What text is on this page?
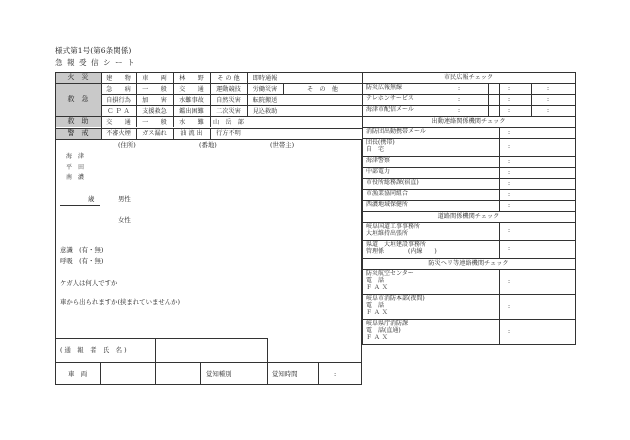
様式第1号(第6条関係)
急 報 受 信 シ ー ト
火　災	建　　物	車　　両	林　　野	そ の 他	即時通報
救　急
急　　病	一　　般	交　　通	運動競技	労働災害	そ　の　他
自損行為	加　　害	水難事故	自然災害	転院搬送
Ｃ Ｐ Ａ	支援救急	鑑出困難	二次災害	見込救助
救　助	交　　通	一　　般	水　　難	山　岳　部
警　戒	不審火煙	ガス漏れ	油 流 出	行方不明
(住所)	(番地)	(世帯主)
海　津
平　田
南　濃
歳	男性
女性
意識　(有・無)
呼吸　(有・無)
ケガ人は何人ですか
車から出られますか(挟まれていませんか)
( 通　報　者　氏　名 )
車　両	覚知種別	覚知時間	:
市民広報チェック
防災広報無線	:	:	:
テレホンサービス	:	:	:
海津市配信メール	:	:	:
出動連絡関係機関チェック
消防団出動携帯メール	:
団長(携帯)
自　宅	:
海津警察	:
中部電力	:
市役所総務課(宿直)	:
市漁業協同組合	:
西濃地域保健所	:
道路関係機関チェック
岐阜国道工事事務所
大垣維持出張所	:
県道　大垣建設事務所
管理係　　　　(内線　　)	:
防災ヘリ等連絡機関チェック
防災航空センター
電　話
Ｆ Ａ Ｘ
:
岐阜市消防本部(夜間)
電　話
Ｆ Ａ Ｘ
:
岐阜県庁消防課
電　話(直通)
Ｆ Ａ Ｘ
:
